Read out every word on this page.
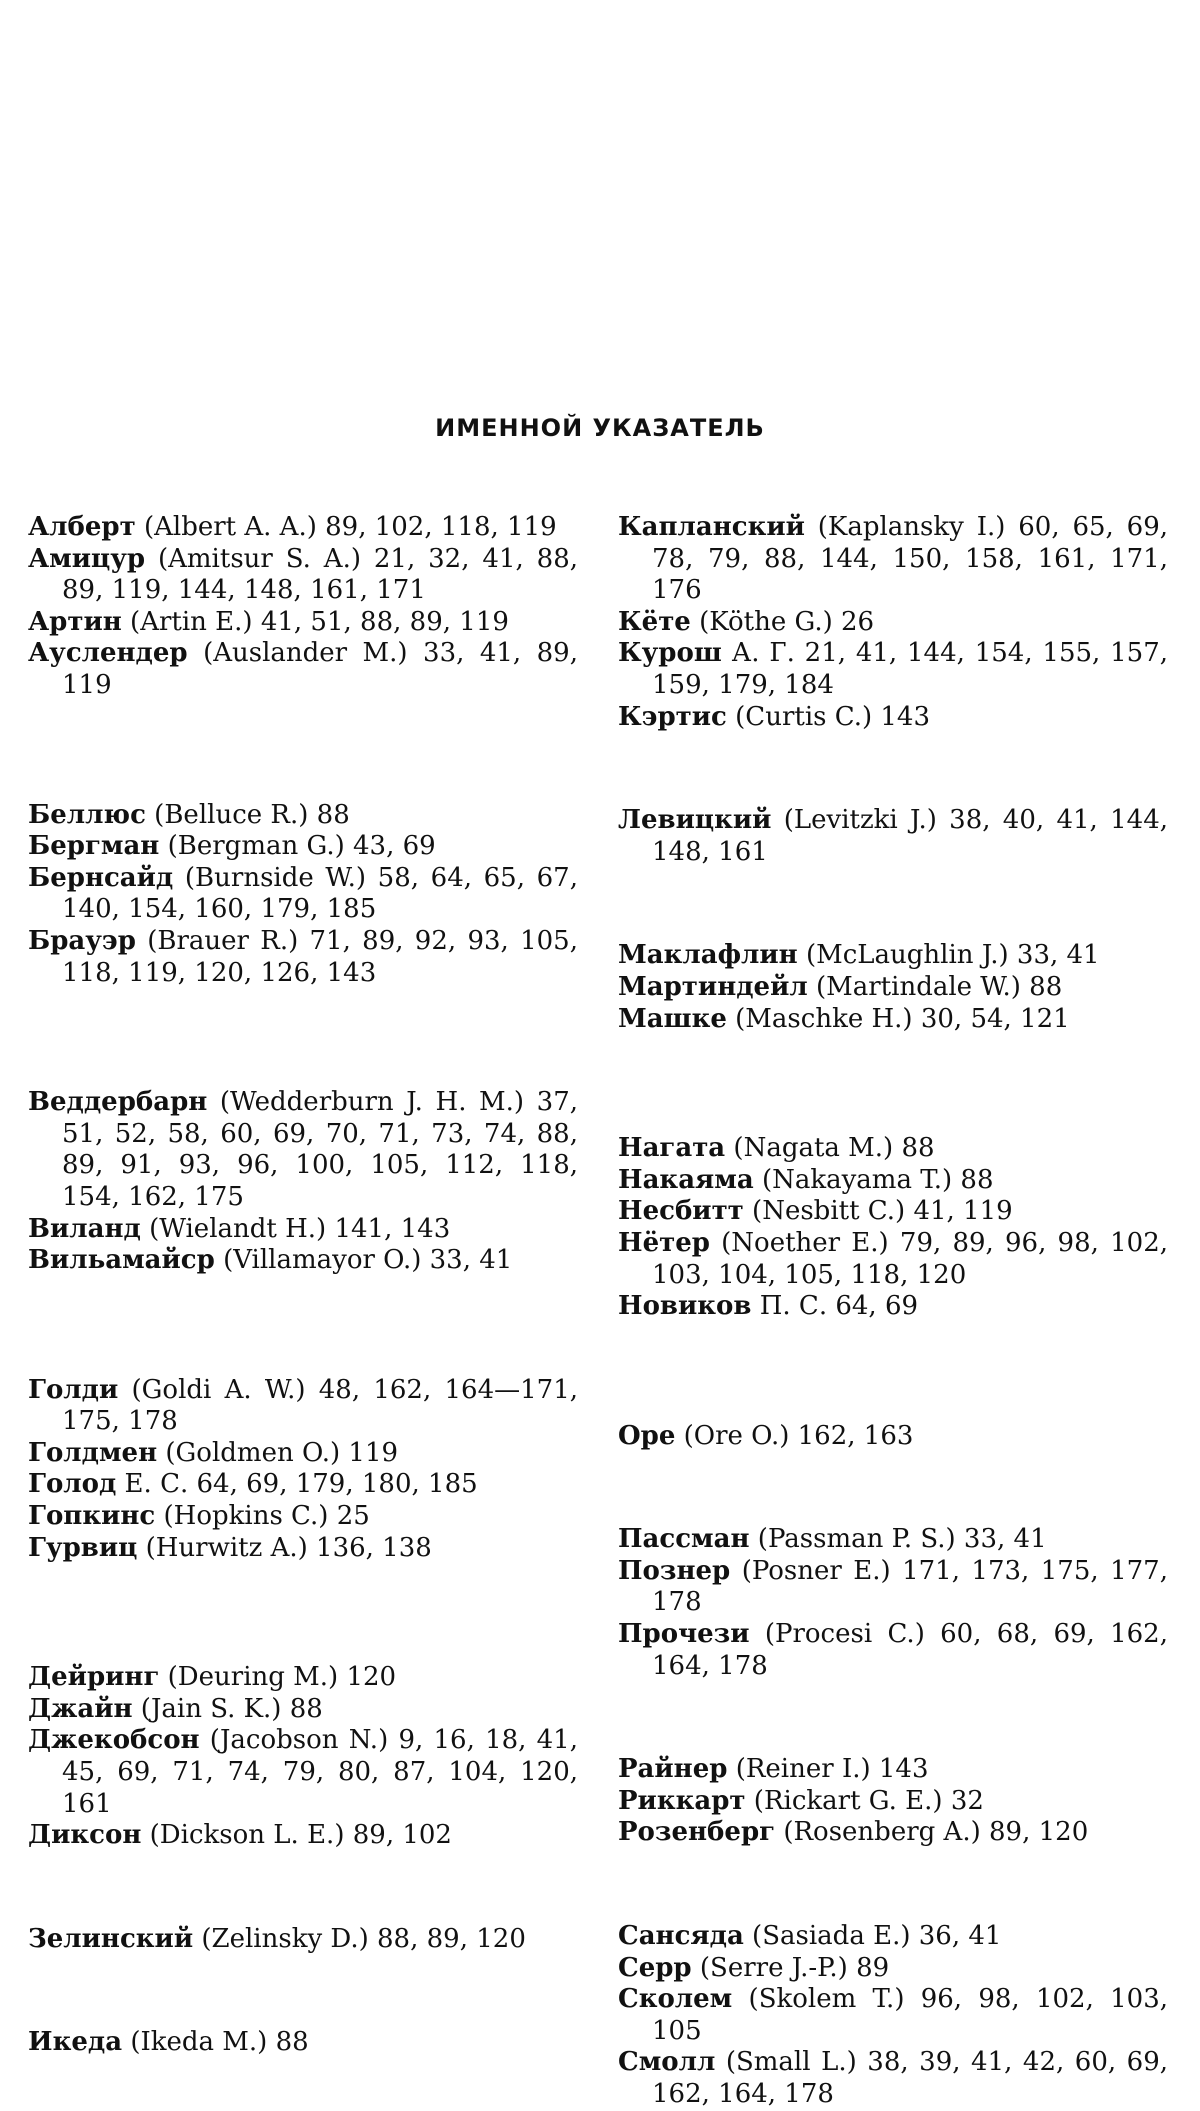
ИМЕННОЙ УКАЗАТЕЛЬ
Алберт (Albert A. A.) 89, 102, 118, 119
Амицур (Amitsur S. A.) 21, 32, 41, 88, 89, 119, 144, 148, 161, 171
Артин (Artin E.) 41, 51, 88, 89, 119
Ауслендер (Auslander M.) 33, 41, 89, 119
Беллюс (Belluce R.) 88
Бергман (Bergman G.) 43, 69
Бернсайд (Burnside W.) 58, 64, 65, 67, 140, 154, 160, 179, 185
Брауэр (Brauer R.) 71, 89, 92, 93, 105, 118, 119, 120, 126, 143
Веддербарн (Wedderburn J. H. M.) 37, 51, 52, 58, 60, 69, 70, 71, 73, 74, 88, 89, 91, 93, 96, 100, 105, 112, 118, 154, 162, 175
Виланд (Wielandt H.) 141, 143
Вильамайср (Villamayor O.) 33, 41
Голди (Goldi A. W.) 48, 162, 164—171, 175, 178
Голдмен (Goldmen O.) 119
Голод Е. С. 64, 69, 179, 180, 185
Гопкинс (Hopkins C.) 25
Гурвиц (Hurwitz A.) 136, 138
Дейринг (Deuring M.) 120
Джайн (Jain S. K.) 88
Джекобсон (Jacobson N.) 9, 16, 18, 41, 45, 69, 71, 74, 79, 80, 87, 104, 120, 161
Диксон (Dickson L. E.) 89, 102
Зелинский (Zelinsky D.) 88, 89, 120
Икеда (Ikeda M.) 88
Капланский (Kaplansky I.) 60, 65, 69, 78, 79, 88, 144, 150, 158, 161, 171, 176
Кёте (Köthe G.) 26
Курош А. Г. 21, 41, 144, 154, 155, 157, 159, 179, 184
Кэртис (Curtis C.) 143
Левицкий (Levitzki J.) 38, 40, 41, 144, 148, 161
Маклафлин (McLaughlin J.) 33, 41
Мартиндейл (Martindale W.) 88
Машке (Maschke H.) 30, 54, 121
Нагата (Nagata M.) 88
Накаяма (Nakayama T.) 88
Несбитт (Nesbitt C.) 41, 119
Нётер (Noether E.) 79, 89, 96, 98, 102, 103, 104, 105, 118, 120
Новиков П. С. 64, 69
Оре (Ore O.) 162, 163
Пассман (Passman P. S.) 33, 41
Познер (Posner E.) 171, 173, 175, 177, 178
Прочези (Procesi C.) 60, 68, 69, 162, 164, 178
Райнер (Reiner I.) 143
Риккарт (Rickart G. E.) 32
Розенберг (Rosenberg A.) 89, 120
Сансяда (Sasiada E.) 36, 41
Серр (Serre J.-P.) 89
Сколем (Skolem T.) 96, 98, 102, 103, 105
Смолл (Small L.) 38, 39, 41, 42, 60, 69, 162, 164, 178
